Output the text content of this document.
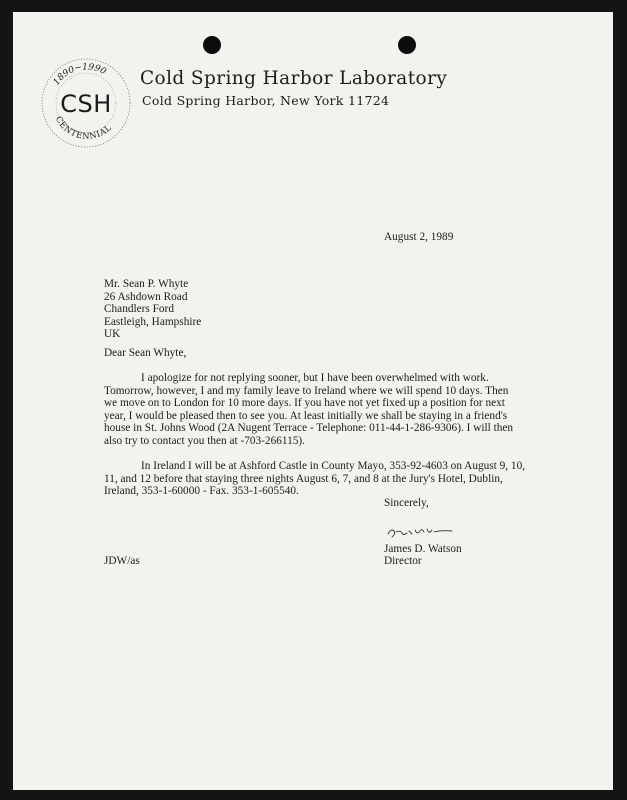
1890~1990
CSH
CENTENNIAL
Cold Spring Harbor Laboratory
Cold Spring Harbor, New York 11724
August 2, 1989
Mr. Sean P. Whyte
26 Ashdown Road
Chandlers Ford
Eastleigh, Hampshire
UK
Dear Sean Whyte,
I apologize for not replying sooner, but I have been overwhelmed with work.
Tomorrow, however, I and my family leave to Ireland where we will spend 10 days. Then
we move on to London for 10 more days. If you have not yet fixed up a position for next
year, I would be pleased then to see you. At least initially we shall be staying in a friend's
house in St. Johns Wood (2A Nugent Terrace - Telephone: 011-44-1-286-9306). I will then
also try to contact you then at -703-266115).
In Ireland I will be at Ashford Castle in County Mayo, 353-92-4603 on August 9, 10,
11, and 12 before that staying three nights August 6, 7, and 8 at the Jury's Hotel, Dublin,
Ireland, 353-1-60000 - Fax. 353-1-605540.
Sincerely,
James D. Watson
Director
JDW/as
